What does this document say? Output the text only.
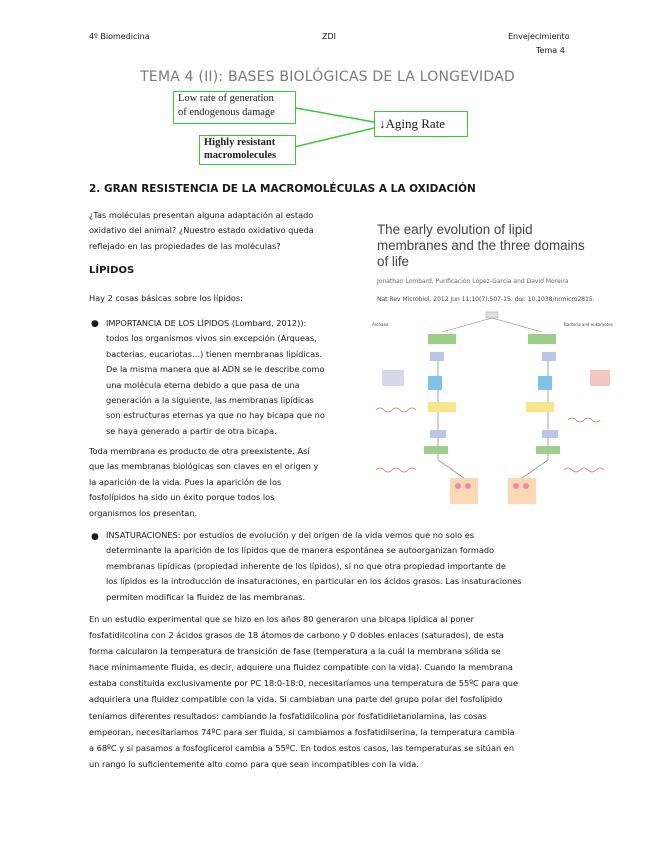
4º Biomedicina	ZDI	Envejecimiento
Tema 4
TEMA 4 (II): BASES BIOLÓGICAS DE LA LONGEVIDAD
Low rate of generation
of endogenous damage
Highly resistant
macromolecules
↓Aging Rate
2. GRAN RESISTENCIA DE LA MACROMOLÉCULAS A LA OXIDACIÓN
¿Tas moléculas presentan alguna adaptación al estado
oxidativo del animal? ¿Nuestro estado oxidativo queda
reflejado en las propiedades de las moléculas?
LÍPIDOS
Hay 2 cosas básicas sobre los lípidos:
● IMPORTANCIA DE LOS LÍPIDOS (Lombard, 2012)):
todos los organismos vivos sin excepción (Arqueas,
bacterias, eucariotas…) tienen membranas lipídicas.
De la misma manera que al ADN se le describe como
una molécula eterna debido a que pasa de una
generación a la siguiente, las membranas lipídicas
son estructuras eternas ya que no hay bicapa que no
se haya generado a partir de otra bicapa.
Toda membrana es producto de otra preexistente. Así
que las membranas biológicas son claves en el origen y
la aparición de la vida. Pues la aparición de los
fosfolípidos ha sido un éxito porque todos los
organismos los presentan.
The early evolution of lipid
membranes and the three domains
of life
Jonathan Lombard, Purificación López-García and David Moreira
Nat Rev Microbiol. 2012 Jun 11;10(7):507-15. doi: 10.1038/nrmicro2815.
Archaea	Bacteria and eukaryotes
● INSATURACIONES: por estudios de evolución y del origen de la vida vemos que no solo es
determinante la aparición de los lípidos que de manera espontánea se autoorganizan formado
membranas lipídicas (propiedad inherente de los lípidos), si no que otra propiedad importante de
los lípidos es la introducción de insaturaciones, en particular en los ácidos grasos. Las insaturaciones
permiten modificar la fluidez de las membranas.
En un estudio experimental que se hizo en los años 80 generaron una bicapa lipídica al poner
fosfatidilcolina con 2 ácidos grasos de 18 átomos de carbono y 0 dobles enlaces (saturados), de esta
forma calcularon la temperatura de transición de fase (temperatura a la cuál la membrana sólida se
hace mínimamente fluida, es decir, adquiere una fluidez compatible con la vida). Cuando la membrana
estaba constituida exclusivamente por PC 18:0-18:0, necesitaríamos una temperatura de 55ºC para que
adquiriera una fluidez compatible con la vida. Si cambiaban una parte del grupo polar del fosfolípido
teníamos diferentes resultados: cambiando la fosfatidilcolina por fosfatidiletanolamina, las cosas
empeoran, necesitaríamos 74ºC para ser fluida, si cambiamos a fosfatidilserina, la temperatura cambia
a 68ºC y si pasamos a fosfoglicerol cambia a 55ºC. En todos estos casos, las temperaturas se sitúan en
un rango lo suficientemente alto como para que sean incompatibles con la vida.
